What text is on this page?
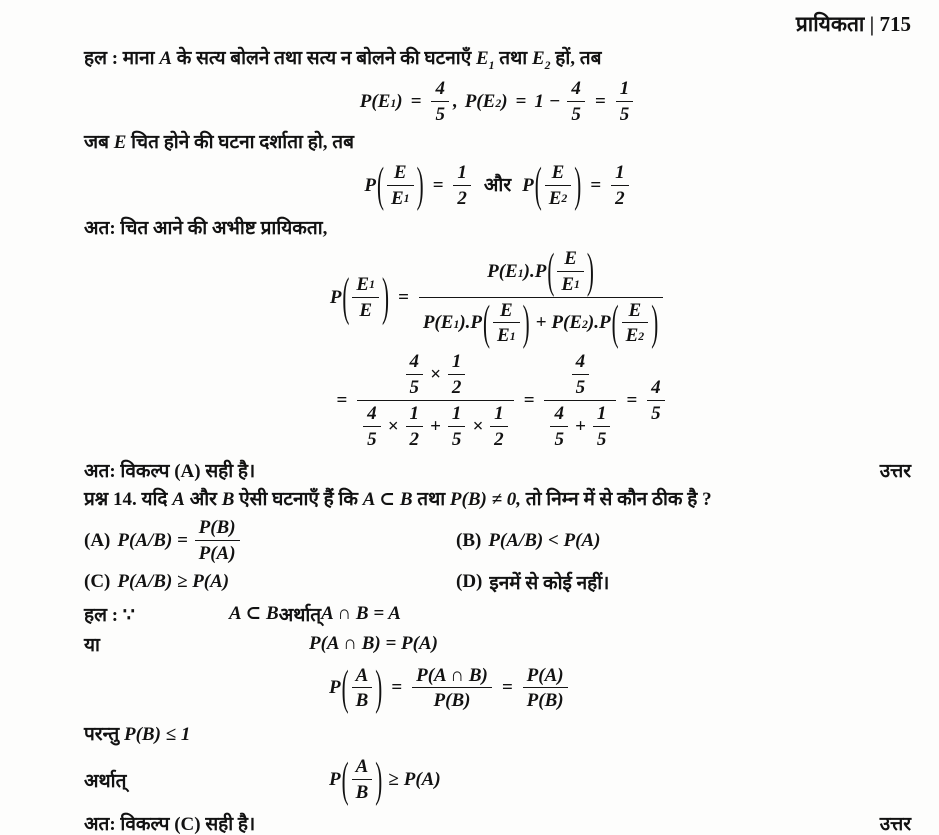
प्रायिकता | 715

हल : माना A के सत्य बोलने तथा सत्य न बोलने की घटनाएँ $E_1$ तथा $E_2$ हों, तब

P(E 1 ) = $\frac{4}{5}$ , P(E 2 ) = $1 - \frac{4}{5} = \frac{1}{5}$

जब E चित होने की घटना दर्शाता हो, तब

P ( $\frac{E}{E 1}$ ) = $\frac{1}{2}$ और P ( $\frac{E}{E 2}$ ) = $\frac{1}{2}$

अत: चित आने की अभीष्ट प्रायिकता,

P ( $\frac{E 1}{E}$ ) =
P(E 1 ) . P ( $\frac{E}{E 1}$ )
P(E 1 ) . P ( $\frac{E}{E 1}$ ) + P(E 2 ) . P ( $\frac{E}{E 2}$ )
=
$\frac{4}{5} \times \frac{1}{2}$
$\frac{4}{5} \times \frac{1}{2} + \frac{1}{5} \times \frac{1}{2}$
= $\frac{\frac{4}{5}}{\frac{4}{5} + \frac{1}{5}} = \frac{4}{5}$
अत: विकल्प (A) सही है।	उत्तर

प्रश्न 14. यदि A और B ऐसी घटनाएँ हैं कि A ⊂ B तथा P(B) ≠ 0, तो निम्न में से कौन ठीक है ?

(A) $P(A/B) = \frac{P(B)}{P(A)}$	(B) P(A/B) < P(A)
(C) P(A/B) ≥ P(A)	(D) इनमें से कोई नहीं।
हल : ∵	A ⊂ B अर्थात् A ∩ B = A
या	P(A ∩ B) = P(A)
P ( $\frac{A}{B}$ ) = $\frac{P(A \cap B)}{P(B)} = \frac{P(A)}{P(B)}$

परन्तु P(B) ≤ 1

अर्थात्	P ( $\frac{A}{B}$ ) ≥ P(A)
अत: विकल्प (C) सही है।	उत्तर
